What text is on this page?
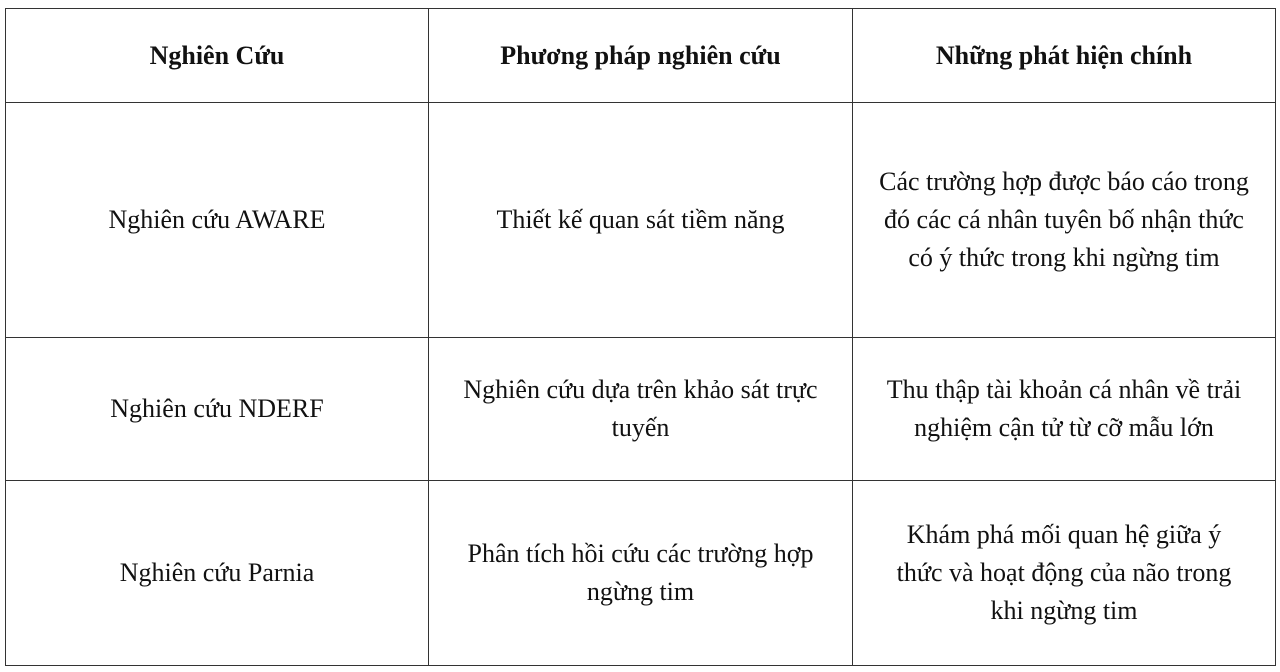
Nghiên Cứu	Phương pháp nghiên cứu	Những phát hiện chính
Nghiên cứu AWARE	Thiết kế quan sát tiềm năng	Các trường hợp được báo cáo trong đó các cá nhân tuyên bố nhận thức có ý thức trong khi ngừng tim
Nghiên cứu NDERF	Nghiên cứu dựa trên khảo sát trực tuyến	Thu thập tài khoản cá nhân về trải nghiệm cận tử từ cỡ mẫu lớn
Nghiên cứu Parnia	Phân tích hồi cứu các trường hợp ngừng tim	Khám phá mối quan hệ giữa ý thức và hoạt động của não trong khi ngừng tim
